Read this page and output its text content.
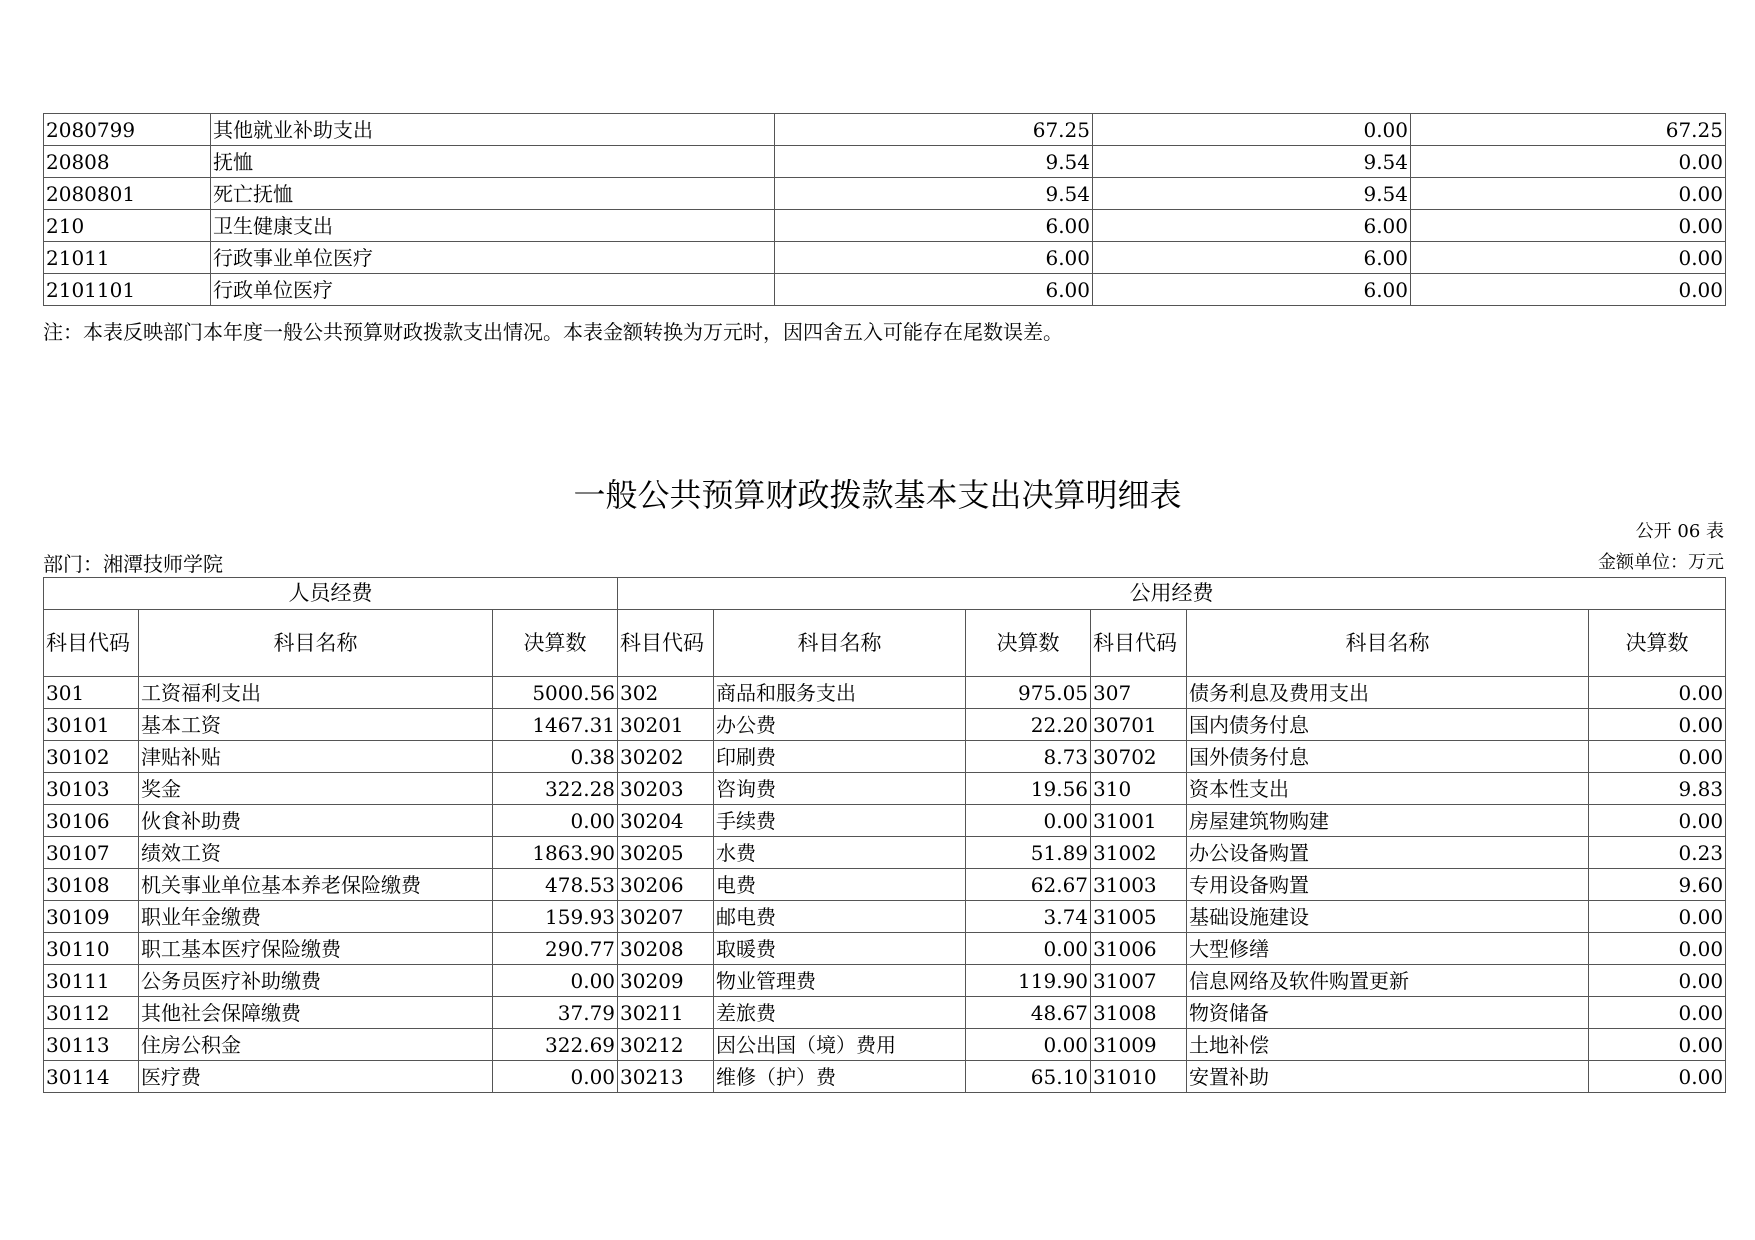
2080799	其他就业补助支出	67.25	0.00	67.25
20808	抚恤	9.54	9.54	0.00
2080801	死亡抚恤	9.54	9.54	0.00
210	卫生健康支出	6.00	6.00	0.00
21011	行政事业单位医疗	6.00	6.00	0.00
2101101	行政单位医疗	6.00	6.00	0.00
注：本表反映部门本年度一般公共预算财政拨款支出情况。本表金额转换为万元时，因四舍五入可能存在尾数误差。
一般公共预算财政拨款基本支出决算明细表
公开 06 表
部门：湘潭技师学院	金额单位：万元
人员经费			公用经费					
科目代码	科目名称	决算数	科目代码	科目名称	决算数	科目代码	科目名称	决算数
301	工资福利支出	5000.56	302	商品和服务支出	975.05	307	债务利息及费用支出	0.00
30101	基本工资	1467.31	30201	办公费	22.20	30701	国内债务付息	0.00
30102	津贴补贴	0.38	30202	印刷费	8.73	30702	国外债务付息	0.00
30103	奖金	322.28	30203	咨询费	19.56	310	资本性支出	9.83
30106	伙食补助费	0.00	30204	手续费	0.00	31001	房屋建筑物购建	0.00
30107	绩效工资	1863.90	30205	水费	51.89	31002	办公设备购置	0.23
30108	机关事业单位基本养老保险缴费	478.53	30206	电费	62.67	31003	专用设备购置	9.60
30109	职业年金缴费	159.93	30207	邮电费	3.74	31005	基础设施建设	0.00
30110	职工基本医疗保险缴费	290.77	30208	取暖费	0.00	31006	大型修缮	0.00
30111	公务员医疗补助缴费	0.00	30209	物业管理费	119.90	31007	信息网络及软件购置更新	0.00
30112	其他社会保障缴费	37.79	30211	差旅费	48.67	31008	物资储备	0.00
30113	住房公积金	322.69	30212	因公出国（境）费用	0.00	31009	土地补偿	0.00
30114	医疗费	0.00	30213	维修（护）费	65.10	31010	安置补助	0.00
